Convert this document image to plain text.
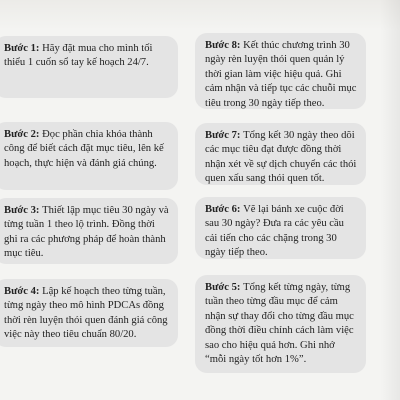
Bước 1: Hãy đặt mua cho mình tối thiểu 1 cuốn sổ tay kế hoạch 24/7.
Bước 2: Đọc phần chia khóa thành công để biết cách đặt mục tiêu, lên kế hoạch, thực hiện và đánh giá chúng.
Bước 3: Thiết lập mục tiêu 30 ngày và từng tuần 1 theo lộ trình. Đồng thời ghi ra các phương pháp để hoàn thành mục tiêu.
Bước 4: Lập kế hoạch theo từng tuần, từng ngày theo mô hình PDCAs đồng thời rèn luyện thói quen đánh giá công việc này theo tiêu chuẩn 80/20.
Bước 8: Kết thúc chương trình 30 ngày rèn luyện thói quen quản lý thời gian làm việc hiệu quả. Ghi cảm nhận và tiếp tục các chuỗi mục tiêu trong 30 ngày tiếp theo.
Bước 7: Tổng kết 30 ngày theo dõi các mục tiêu đạt được đồng thời nhận xét về sự dịch chuyển các thói quen xấu sang thói quen tốt.
Bước 6: Vẽ lại bánh xe cuộc đời sau 30 ngày? Đưa ra các yêu cầu cải tiến cho các chặng trong 30 ngày tiếp theo.
Bước 5: Tổng kết từng ngày, từng tuần theo từng đầu mục để cảm nhận sự thay đổi cho từng đầu mục đồng thời điều chỉnh cách làm việc sao cho hiệu quả hơn. Ghi nhớ “mỗi ngày tốt hơn 1%”.
